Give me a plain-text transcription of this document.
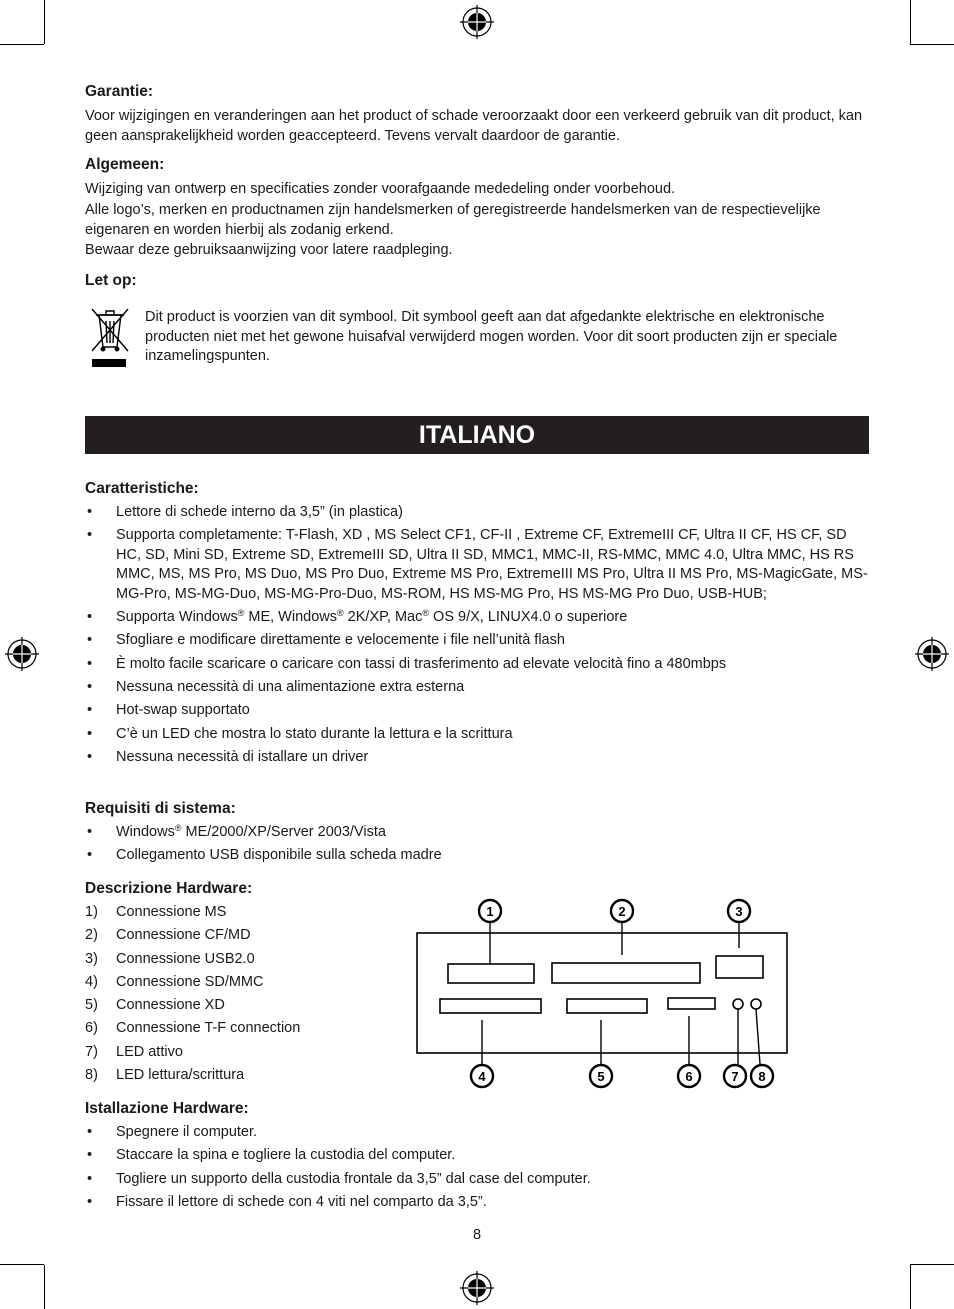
Garantie:

Voor wijzigingen en veranderingen aan het product of schade veroorzaakt door een verkeerd gebruik van dit product, kan geen aansprakelijkheid worden geaccepteerd. Tevens vervalt daardoor de garantie.

Algemeen:

Wijziging van ontwerp en specificaties zonder voorafgaande mededeling onder voorbehoud.

Alle logo’s, merken en productnamen zijn handelsmerken of geregistreerde handelsmerken van de respectievelijke eigenaren en worden hierbij als zodanig erkend.

Bewaar deze gebruiksaanwijzing voor latere raadpleging.

Let op:

Dit product is voorzien van dit symbool. Dit symbool geeft aan dat afgedankte elektrische en elektronische producten niet met het gewone huisafval verwijderd mogen worden. Voor dit soort producten zijn er speciale inzamelingspunten.

ITALIANO
Caratteristiche:
• Lettore di schede interno da 3,5” (in plastica)
• Supporta completamente: T-Flash, XD , MS Select CF1, CF-II , Extreme CF, ExtremeIII CF, Ultra II CF, HS CF, SD HC, SD, Mini SD, Extreme SD, ExtremeIII SD, Ultra II SD, MMC1, MMC-II, RS-MMC, MMC 4.0, Ultra MMC, HS RS MMC, MS, MS Pro, MS Duo, MS Pro Duo, Extreme MS Pro, ExtremeIII MS Pro, Ultra II MS Pro, MS-MagicGate, MS-MG-Pro, MS-MG-Duo, MS-MG-Pro-Duo, MS-ROM, HS MS-MG Pro, HS MS-MG Pro Duo, USB-HUB;
• Supporta Windows® ME, Windows® 2K/XP, Mac® OS 9/X, LINUX4.0 o superiore
• Sfogliare e modificare direttamente e velocemente i file nell’unità flash
• È molto facile scaricare o caricare con tassi di trasferimento ad elevate velocità fino a 480mbps
• Nessuna necessità di una alimentazione extra esterna
• Hot-swap supportato
• C’è un LED che mostra lo stato durante la lettura e la scrittura
• Nessuna necessità di istallare un driver
Requisiti di sistema:
• Windows® ME/2000/XP/Server 2003/Vista
• Collegamento USB disponibile sulla scheda madre
Descrizione Hardware:
1) Connessione MS
2) Connessione CF/MD
3) Connessione USB2.0
4) Connessione SD/MMC
5) Connessione XD
6) Connessione T-F connection
7) LED attivo
8) LED lettura/scrittura
1	2	3
4	5	6	7 8
Istallazione Hardware:
• Spegnere il computer.
• Staccare la spina e togliere la custodia del computer.
• Togliere un supporto della custodia frontale da 3,5” dal case del computer.
• Fissare il lettore di schede con 4 viti nel comparto da 3,5”.
8
